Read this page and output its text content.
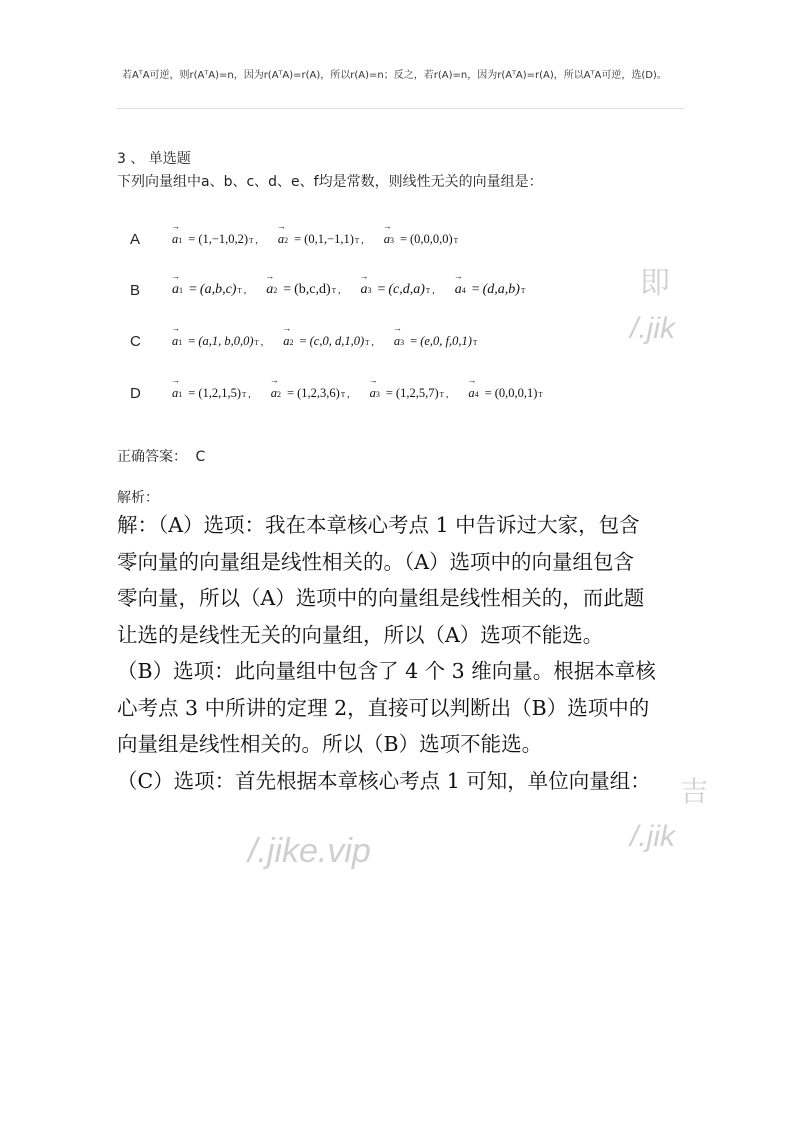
若AᵀA可逆，则r(AᵀA)=n，因为r(AᵀA)=r(A)，所以r(A)=n；反之，若r(A)=n，因为r(AᵀA)=r(A)，所以AᵀA可逆，选(D)。
3 、 单选题
下列向量组中a、b、c、d、e、f均是常数，则线性无关的向量组是：
A	→ a 1 = (1,−1,0,2) T , → a 2 = (0,1,−1,1) T , → a 3 = (0,0,0,0) T
B	→ a 1 = (a,b,c) T , → a 2 = (b,c,d) T , → a 3 = (c,d,a) T , → a 4 = (d,a,b) T
C	→ a 1 = (a,1, b,0,0) T , → a 2 = (c,0, d,1,0) T , → a 3 = (e,0, f,0,1) T
D	→ a 1 = (1,2,1,5) T , → a 2 = (1,2,3,6) T , → a 3 = (1,2,5,7) T , → a 4 = (0,0,0,1) T
正确答案： C
解析：

解：（A）选项：我在本章核心考点 1 中告诉过大家，包含

零向量的向量组是线性相关的。（A）选项中的向量组包含

零向量，所以（A）选项中的向量组是线性相关的，而此题

让选的是线性无关的向量组，所以（A）选项不能选。

（B）选项：此向量组中包含了 4 个 3 维向量。根据本章核

心考点 3 中所讲的定理 2，直接可以判断出（B）选项中的

向量组是线性相关的。所以（B）选项不能选。

（C）选项：首先根据本章核心考点 1 可知，单位向量组：

即
/.jik
吉
/.jik
/.jike.vip
